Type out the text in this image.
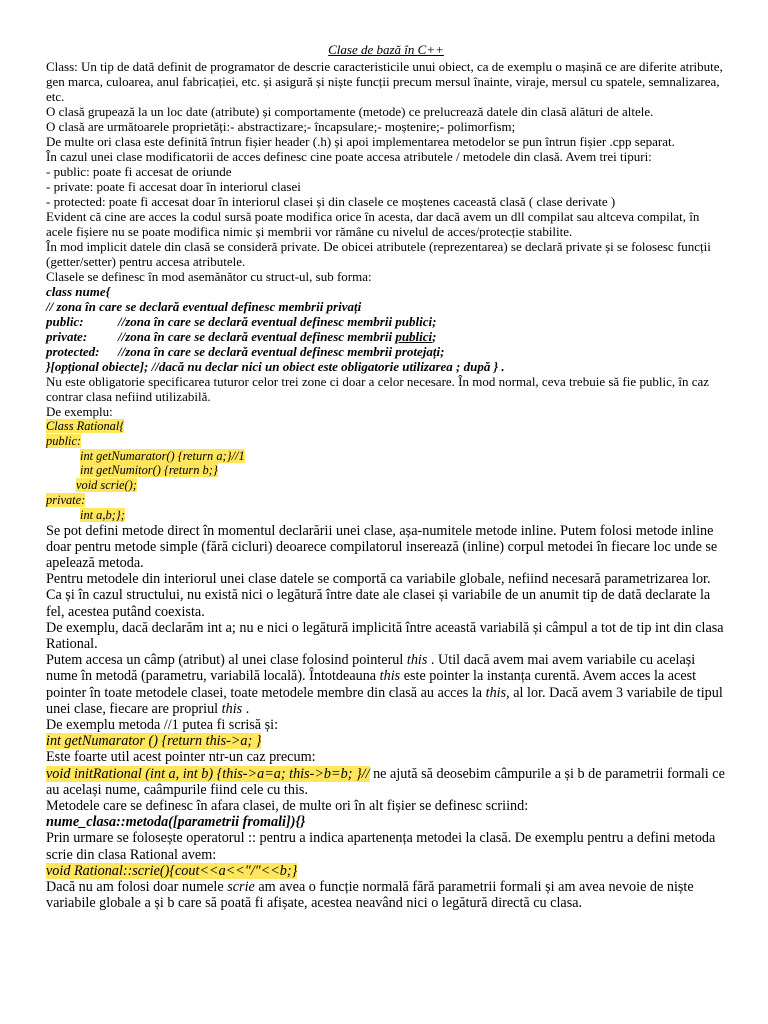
Clase de bază în C++

Class: Un tip de dată definit de programator de descrie caracteristicile unui obiect, ca de exemplu o mașină ce are diferite atribute, gen marca, culoarea, anul fabricației, etc. și asigură și niște funcții precum mersul înainte, viraje, mersul cu spatele, semnalizarea, etc.

O clasă grupează la un loc date (atribute) și comportamente (metode) ce prelucrează datele din clasă alături de altele.

O clasă are următoarele proprietăți:- abstractizare;- încapsulare;- moștenire;- polimorfism;

De multe ori clasa este definită întrun fișier header (.h) și apoi implementarea metodelor se pun întrun fișier .cpp separat.

În cazul unei clase modificatorii de acces definesc cine poate accesa atributele / metodele din clasă. Avem trei tipuri:

- public: poate fi accesat de oriunde

- private: poate fi accesat doar în interiorul clasei

- protected: poate fi accesat doar în interiorul clasei și din clasele ce moștenes caceastă clasă ( clase derivate )

Evident că cine are acces la codul sursă poate modifica orice în acesta, dar dacă avem un dll compilat sau altceva compilat, în acele fișiere nu se poate modifica nimic și membrii vor rămâne cu nivelul de acces/protecție stabilite.

În mod implicit datele din clasă se consideră private. De obicei atributele (reprezentarea) se declară private și se folosesc funcții (getter/setter) pentru accesa atributele.

Clasele se definesc în mod asemănător cu struct-ul, sub forma:

class nume{

// zona în care se declară eventual definesc membrii privați

public:	//zona în care se declară eventual definesc membrii publici;

private: //zona în care se declară eventual definesc membrii publici;

protected: //zona în care se declară eventual definesc membrii protejați;

}[opțional obiecte]; //dacă nu declar nici un obiect este obligatorie utilizarea ; după } .

Nu este obligatorie specificarea tuturor celor trei zone ci doar a celor necesare. În mod normal, ceva trebuie să fie public, în caz contrar clasa nefiind utilizabilă.

De exemplu:

Class Rational{

public:

int getNumarator() {return a;}//1

int getNumitor() {return b;}

void scrie();

private:

int a,b;};

Se pot defini metode direct în momentul declarării unei clase, așa-numitele metode inline. Putem folosi metode inline doar pentru metode simple (fără cicluri) deoarece compilatorul inserează (inline) corpul metodei în fiecare loc unde se apelează metoda.

Pentru metodele din interiorul unei clase datele se comportă ca variabile globale, nefiind necesară parametrizarea lor. Ca și în cazul structului, nu există nici o legătură între date ale clasei și variabile de un anumit tip de dată declarate la fel, acestea putând coexista.

De exemplu, dacă declarăm int a; nu e nici o legătură implicită între această variabilă și câmpul a tot de tip int din clasa Rational.

Putem accesa un câmp (atribut) al unei clase folosind pointerul this . Util dacă avem mai avem variabile cu același nume în metodă (parametru, variabilă locală). Întotdeauna this este pointer la instanța curentă. Avem acces la acest pointer în toate metodele clasei, toate metodele membre din clasă au acces la this, al lor. Dacă avem 3 variabile de tipul unei clase, fiecare are propriul this .

De exemplu metoda //1 putea fi scrisă și:

int getNumarator () {return this->a; }

Este foarte util acest pointer ntr-un caz precum:

void initRational (int a, int b) {this->a=a; this->b=b; }// ne ajută să deosebim câmpurile a și b de parametrii formali ce au același nume, caâmpurile fiind cele cu this.

Metodele care se definesc în afara clasei, de multe ori în alt fișier se definesc scriind:

nume_clasa::metoda([parametrii fromali]){}

Prin urmare se folosește operatorul :: pentru a indica apartenența metodei la clasă. De exemplu pentru a defini metoda scrie din clasa Rational avem:

void Rational::scrie(){cout<<a<<"/"<<b;}

Dacă nu am folosi doar numele scrie am avea o funcție normală fără parametrii formali și am avea nevoie de niște variabile globale a și b care să poată fi afișate, acestea neavând nici o legătură directă cu clasa.
